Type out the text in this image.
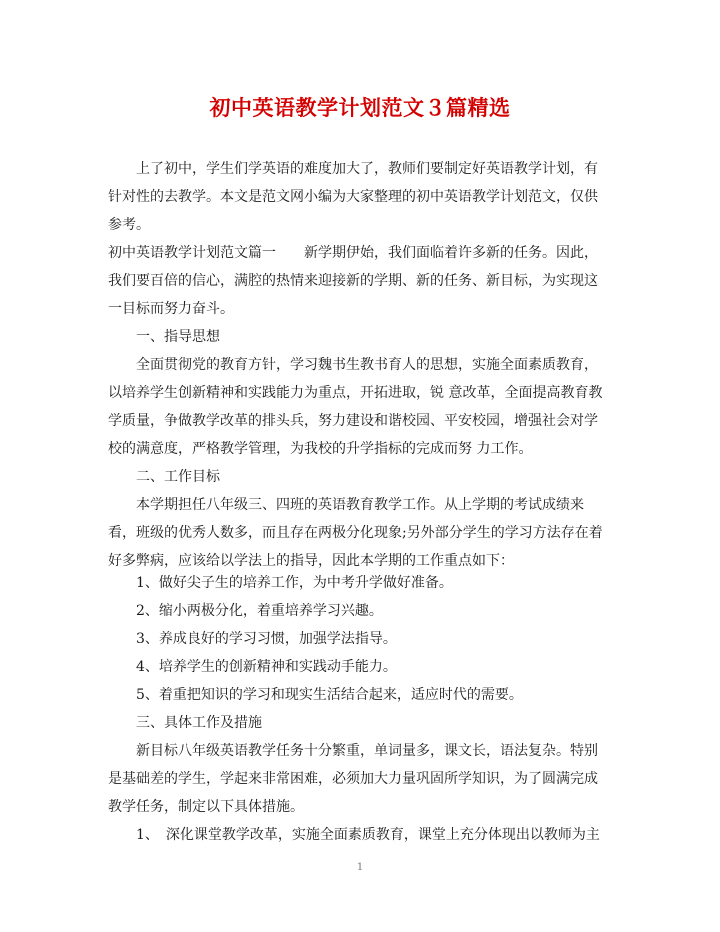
初中英语教学计划范文３篇精选

上了初中，学生们学英语的难度加大了，教师们要制定好英语教学计划，有针对性的去教学。本文是范文网小编为大家整理的初中英语教学计划范文，仅供参考。

初中英语教学计划范文篇一　　新学期伊始，我们面临着许多新的任务。因此，我们要百倍的信心，满腔的热情来迎接新的学期、新的任务、新目标，为实现这一目标而努力奋斗。

一、指导思想

全面贯彻党的教育方针，学习魏书生教书育人的思想，实施全面素质教育，以培养学生创新精神和实践能力为重点，开拓进取，锐 意改革，全面提高教育教学质量，争做教学改革的排头兵，努力建设和谐校园、平安校园，增强社会对学校的满意度，严格教学管理，为我校的升学指标的完成而努 力工作。

二、工作目标

本学期担任八年级三、四班的英语教育教学工作。从上学期的考试成绩来看，班级的优秀人数多，而且存在两极分化现象;另外部分学生的学习方法存在着好多弊病，应该给以学法上的指导，因此本学期的工作重点如下：

1、做好尖子生的培养工作，为中考升学做好准备。
2、缩小两极分化，着重培养学习兴趣。
3、养成良好的学习习惯，加强学法指导。
4、培养学生的创新精神和实践动手能力。
5、着重把知识的学习和现实生活结合起来，适应时代的需要。
三、具体工作及措施

新目标八年级英语教学任务十分繁重，单词量多，课文长，语法复杂。特别是基础差的学生，学起来非常困难，必须加大力量巩固所学知识，为了圆满完成教学任务，制定以下具体措施。

1、　深化课堂教学改革，实施全面素质教育，课堂上充分体现出以教师为主
1
